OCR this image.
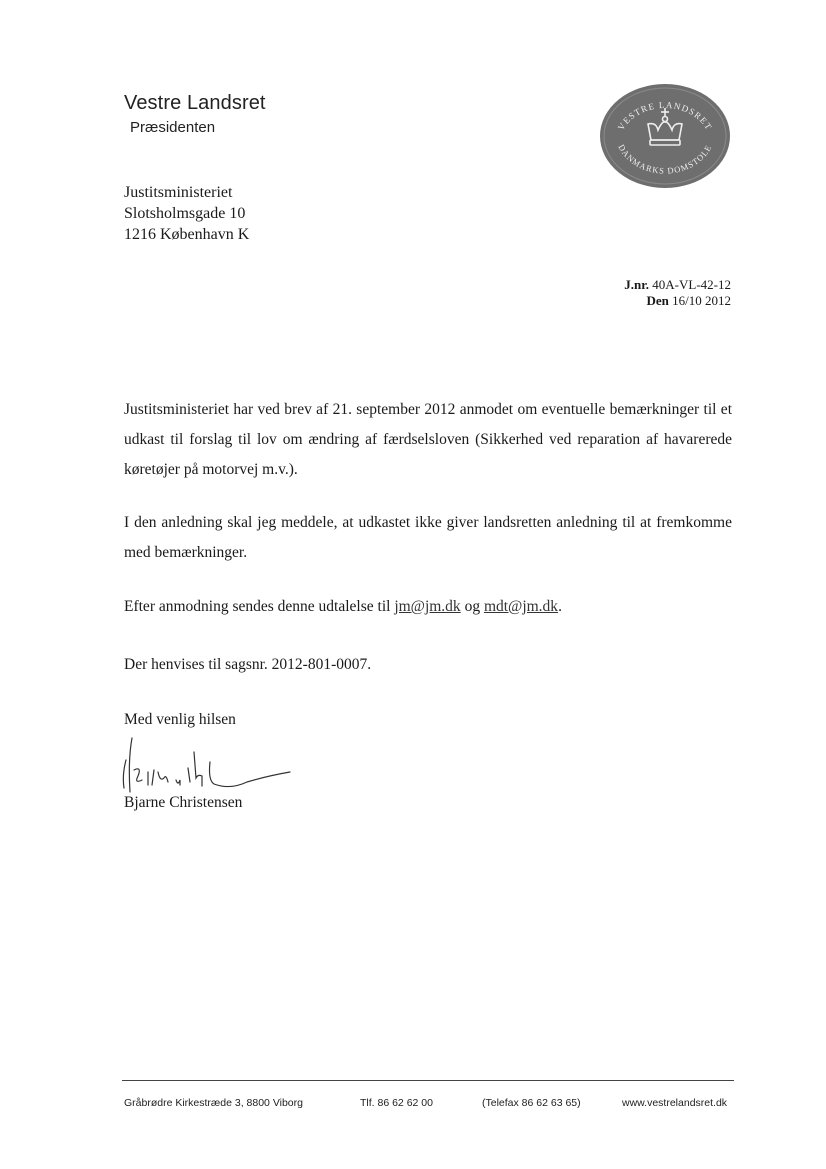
Vestre Landsret
Præsidenten	VESTRE LANDSRET
DANMARKS DOMSTOLE
Justitsministeriet
Slotsholmsgade 10
1216 København K
J.nr. 40A-VL-42-12
Den 16/10 2012
Justitsministeriet har ved brev af 21. september 2012 anmodet om eventuelle bemærkninger til et udkast til forslag til lov om ændring af færdselsloven (Sikkerhed ved reparation af havarerede køretøjer på motorvej m.v.).
I den anledning skal jeg meddele, at udkastet ikke giver landsretten anledning til at fremkomme med bemærkninger.
Efter anmodning sendes denne udtalelse til jm@jm.dk og mdt@jm.dk.
Der henvises til sagsnr. 2012-801-0007.
Med venlig hilsen
Bjarne Christensen
Gråbrødre Kirkestræde 3, 8800 Viborg	Tlf. 86 62 62 00	(Telefax 86 62 63 65)	www.vestrelandsret.dk
